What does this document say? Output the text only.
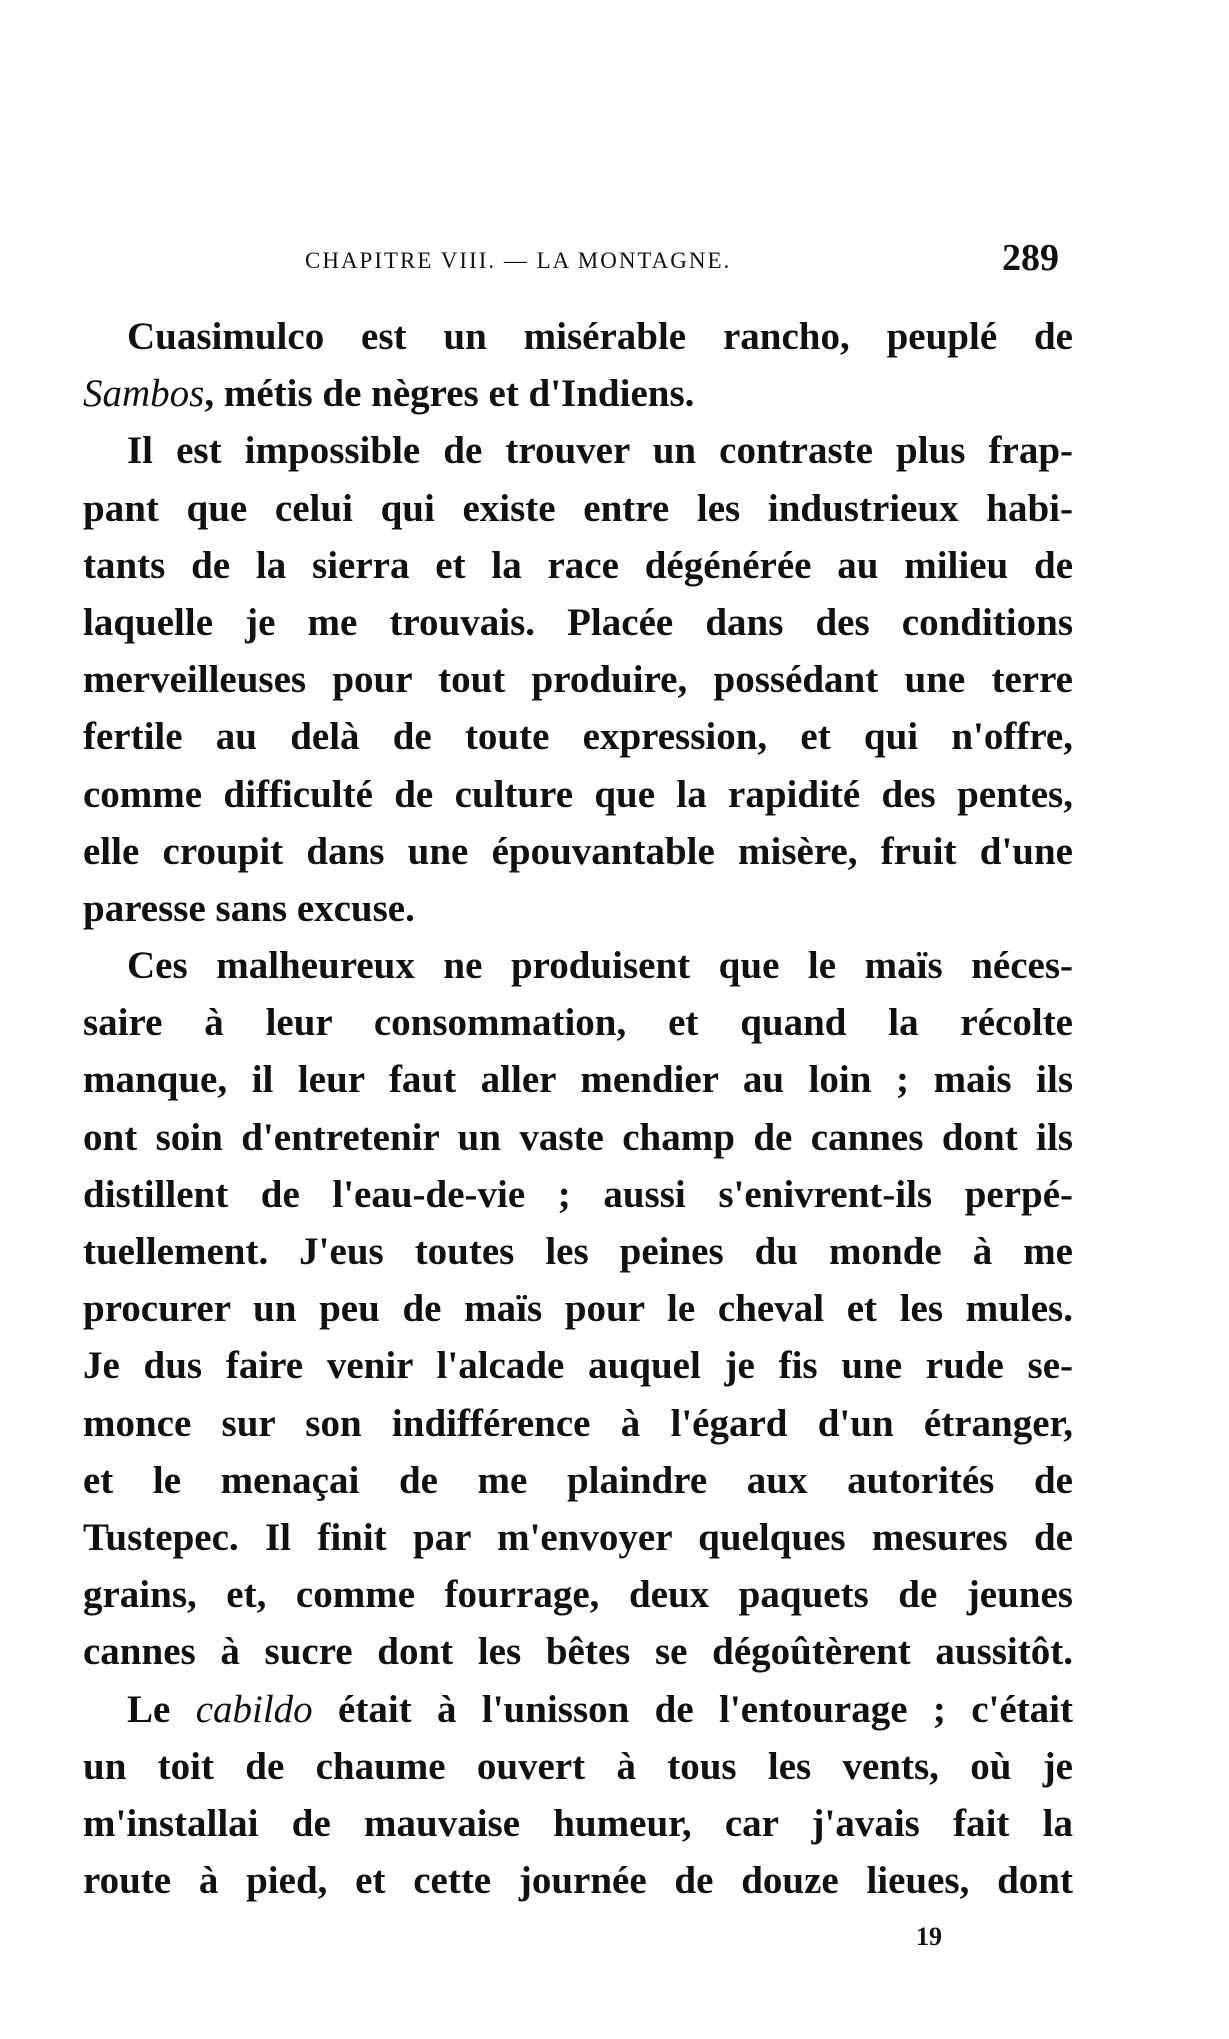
CHAPITRE VIII. — LA MONTAGNE.	289
Cuasimulco est un misérable rancho, peuplé de
Sambos, métis de nègres et d'Indiens.
Il est impossible de trouver un contraste plus frap-
pant que celui qui existe entre les industrieux habi-
tants de la sierra et la race dégénérée au milieu de
laquelle je me trouvais. Placée dans des conditions
merveilleuses pour tout produire, possédant une terre
fertile au delà de toute expression, et qui n'offre,
comme difficulté de culture que la rapidité des pentes,
elle croupit dans une épouvantable misère, fruit d'une
paresse sans excuse.
Ces malheureux ne produisent que le maïs néces-
saire à leur consommation, et quand la récolte
manque, il leur faut aller mendier au loin ; mais ils
ont soin d'entretenir un vaste champ de cannes dont ils
distillent de l'eau-de-vie ; aussi s'enivrent-ils perpé-
tuellement. J'eus toutes les peines du monde à me
procurer un peu de maïs pour le cheval et les mules.
Je dus faire venir l'alcade auquel je fis une rude se-
monce sur son indifférence à l'égard d'un étranger,
et le menaçai de me plaindre aux autorités de
Tustepec. Il finit par m'envoyer quelques mesures de
grains, et, comme fourrage, deux paquets de jeunes
cannes à sucre dont les bêtes se dégoûtèrent aussitôt.
Le cabildo était à l'unisson de l'entourage ; c'était
un toit de chaume ouvert à tous les vents, où je
m'installai de mauvaise humeur, car j'avais fait la
route à pied, et cette journée de douze lieues, dont
19
